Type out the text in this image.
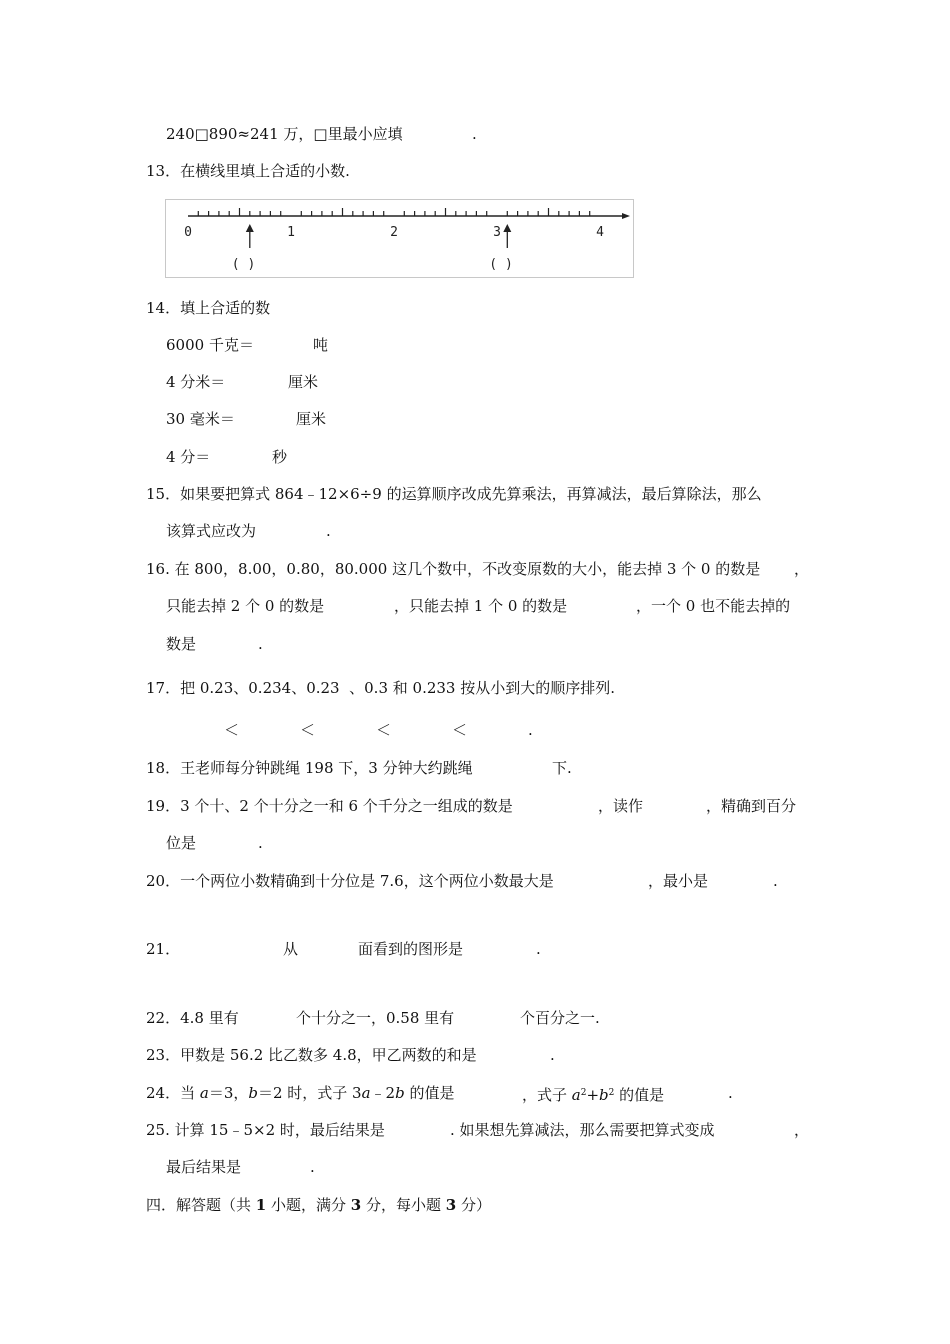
240□890≈241 万，□里最小应填	.
13．在横线里填上合适的小数.
0	1	2	3	4
( )	( )
14．填上合适的数
6000 千克＝	吨
4 分米＝	厘米
30 毫米＝	厘米
4 分＝	秒
15．如果要把算式 864﹣12×6÷9 的运算顺序改成先算乘法，再算减法，最后算除法，那么
该算式应改为	.
16. 在 800，8.00，0.80，80.000 这几个数中，不改变原数的大小，能去掉 3 个 0 的数是 ，
只能去掉 2 个 0 的数是	，只能去掉 1 个 0 的数是	，一个 0 也不能去掉的
数是	.
17．把 0.23、0.234、0.23  、0.3 和 0.233 按从小到大的顺序排列.
＜	＜	＜	＜	.
18．王老师每分钟跳绳 198 下，3 分钟大约跳绳	下.
19．3 个十、2 个十分之一和 6 个千分之一组成的数是	，读作	，精确到百分
位是	.
20．一个两位小数精确到十分位是 7.6，这个两位小数最大是	，最小是	.
21．	从	面看到的图形是	.
22．4.8 里有	个十分之一，0.58 里有	个百分之一.
23．甲数是 56.2 比乙数多 4.8，甲乙两数的和是	.
24．当 a＝3，b＝2 时，式子 3a﹣2b 的值是	，式子 $a^2+b^2$ 的值是	.
25. 计算 15﹣5×2 时，最后结果是	. 如果想先算减法，那么需要把算式变成	，
最后结果是	.
四．解答题（共 1 小题，满分 3 分，每小题 3 分）
